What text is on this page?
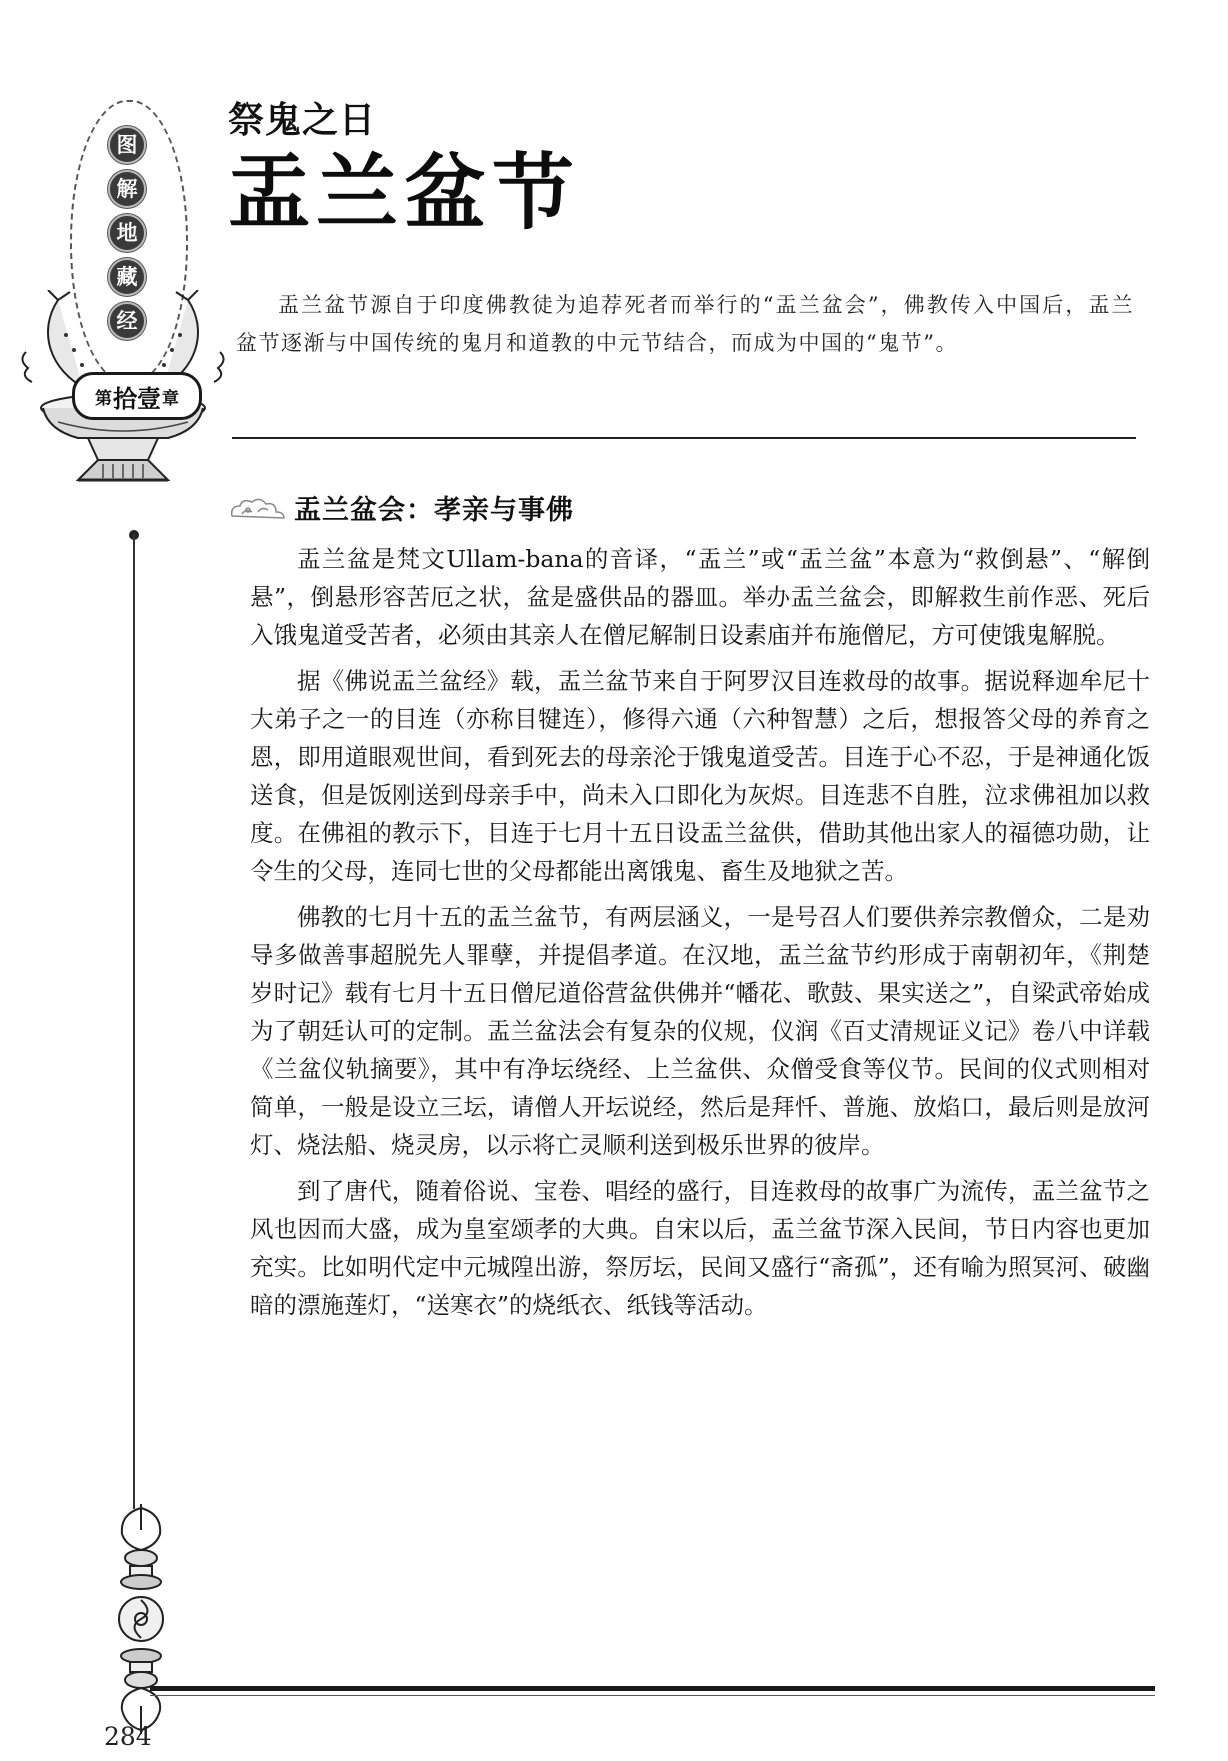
图
解
地
藏
经
第 拾壹 章
祭鬼之日
盂兰盆节

盂兰盆节源自于印度佛教徒为追荐死者而举行的“盂兰盆会”，佛教传入中国后，盂兰盆节逐渐与中国传统的鬼月和道教的中元节结合，而成为中国的“鬼节”。

盂兰盆会：孝亲与事佛

盂兰盆是梵文Ullam-bana的音译，“盂兰”或“盂兰盆”本意为“救倒悬”、“解倒悬”，倒悬形容苦厄之状，盆是盛供品的器皿。举办盂兰盆会，即解救生前作恶、死后入饿鬼道受苦者，必须由其亲人在僧尼解制日设素庙并布施僧尼，方可使饿鬼解脱。

据《佛说盂兰盆经》载，盂兰盆节来自于阿罗汉目连救母的故事。据说释迦牟尼十大弟子之一的目连（亦称目犍连），修得六通（六种智慧）之后，想报答父母的养育之恩，即用道眼观世间，看到死去的母亲沦于饿鬼道受苦。目连于心不忍，于是神通化饭送食，但是饭刚送到母亲手中，尚未入口即化为灰烬。目连悲不自胜，泣求佛祖加以救度。在佛祖的教示下，目连于七月十五日设盂兰盆供，借助其他出家人的福德功勋，让令生的父母，连同七世的父母都能出离饿鬼、畜生及地狱之苦。

佛教的七月十五的盂兰盆节，有两层涵义，一是号召人们要供养宗教僧众，二是劝导多做善事超脱先人罪孽，并提倡孝道。在汉地，盂兰盆节约形成于南朝初年，《荆楚岁时记》载有七月十五日僧尼道俗营盆供佛并“幡花、歌鼓、果实送之”，自梁武帝始成为了朝廷认可的定制。盂兰盆法会有复杂的仪规，仪润《百丈清规证义记》卷八中详载《兰盆仪轨摘要》，其中有净坛绕经、上兰盆供、众僧受食等仪节。民间的仪式则相对简单，一般是设立三坛，请僧人开坛说经，然后是拜忏、普施、放焰口，最后则是放河灯、烧法船、烧灵房，以示将亡灵顺利送到极乐世界的彼岸。

到了唐代，随着俗说、宝卷、唱经的盛行，目连救母的故事广为流传，盂兰盆节之风也因而大盛，成为皇室颂孝的大典。自宋以后，盂兰盆节深入民间，节日内容也更加充实。比如明代定中元城隍出游，祭厉坛，民间又盛行“斋孤”，还有喻为照冥河、破幽暗的漂施莲灯，“送寒衣”的烧纸衣、纸钱等活动。

284
